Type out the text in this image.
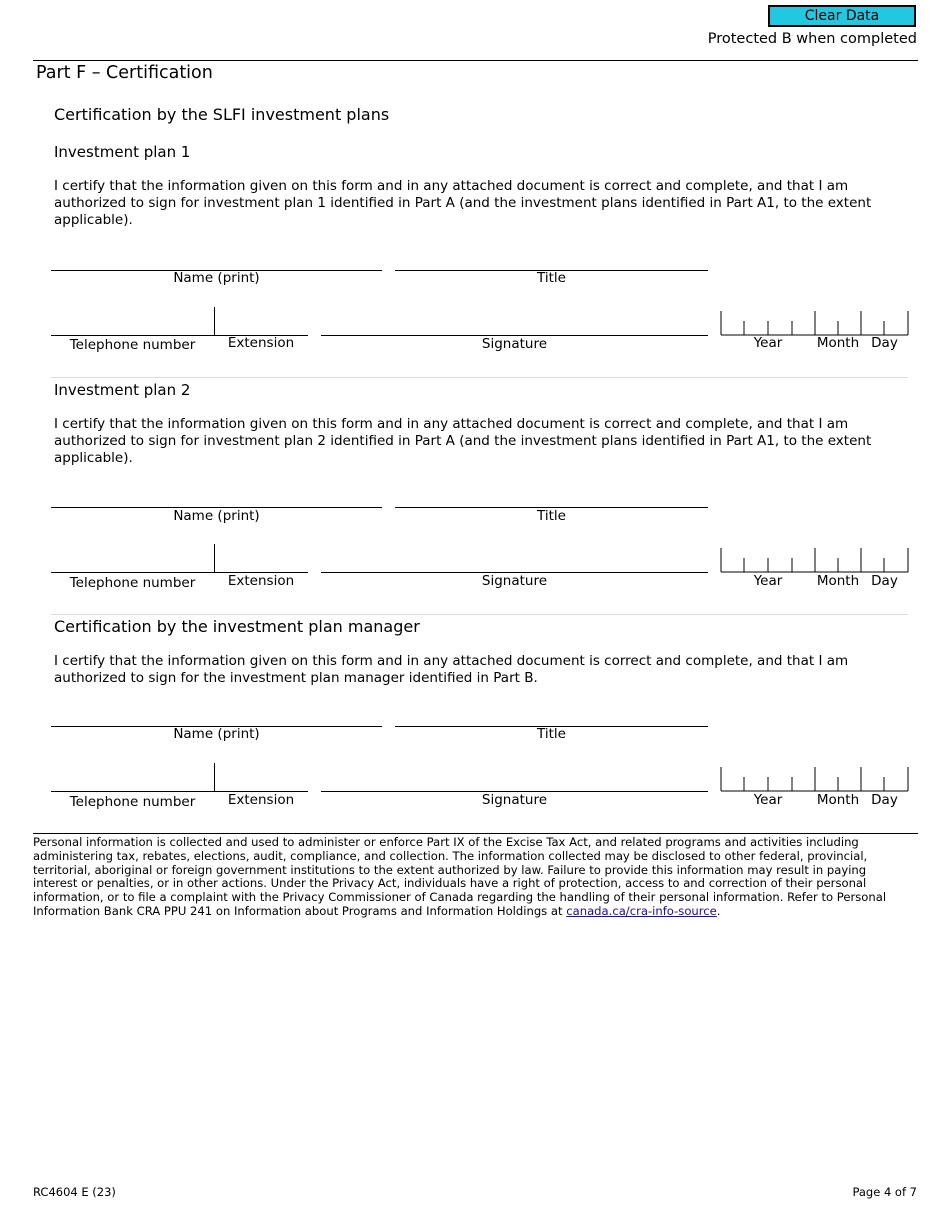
Clear Data
Protected B when completed
Part F – Certification
Certification by the SLFI investment plans
Investment plan 1
I certify that the information given on this form and in any attached document is correct and complete, and that I am authorized to sign for investment plan 1 identified in Part A (and the investment plans identified in Part A1, to the extent applicable).
Name (print)	Title
Telephone number	Extension	Signature	Year	Month Day
Investment plan 2
I certify that the information given on this form and in any attached document is correct and complete, and that I am authorized to sign for investment plan 2 identified in Part A (and the investment plans identified in Part A1, to the extent applicable).
Name (print)	Title
Telephone number	Extension	Signature	Year	Month Day
Certification by the investment plan manager
I certify that the information given on this form and in any attached document is correct and complete, and that I am authorized to sign for the investment plan manager identified in Part B.
Name (print)	Title
Telephone number	Extension	Signature	Year	Month Day
Personal information is collected and used to administer or enforce Part IX of the Excise Tax Act, and related programs and activities including administering tax, rebates, elections, audit, compliance, and collection. The information collected may be disclosed to other federal, provincial, territorial, aboriginal or foreign government institutions to the extent authorized by law. Failure to provide this information may result in paying interest or penalties, or in other actions. Under the Privacy Act, individuals have a right of protection, access to and correction of their personal information, or to file a complaint with the Privacy Commissioner of Canada regarding the handling of their personal information. Refer to Personal Information Bank CRA PPU 241 on Information about Programs and Information Holdings at canada.ca/cra-info-source.
RC4604 E (23)	Page 4 of 7
